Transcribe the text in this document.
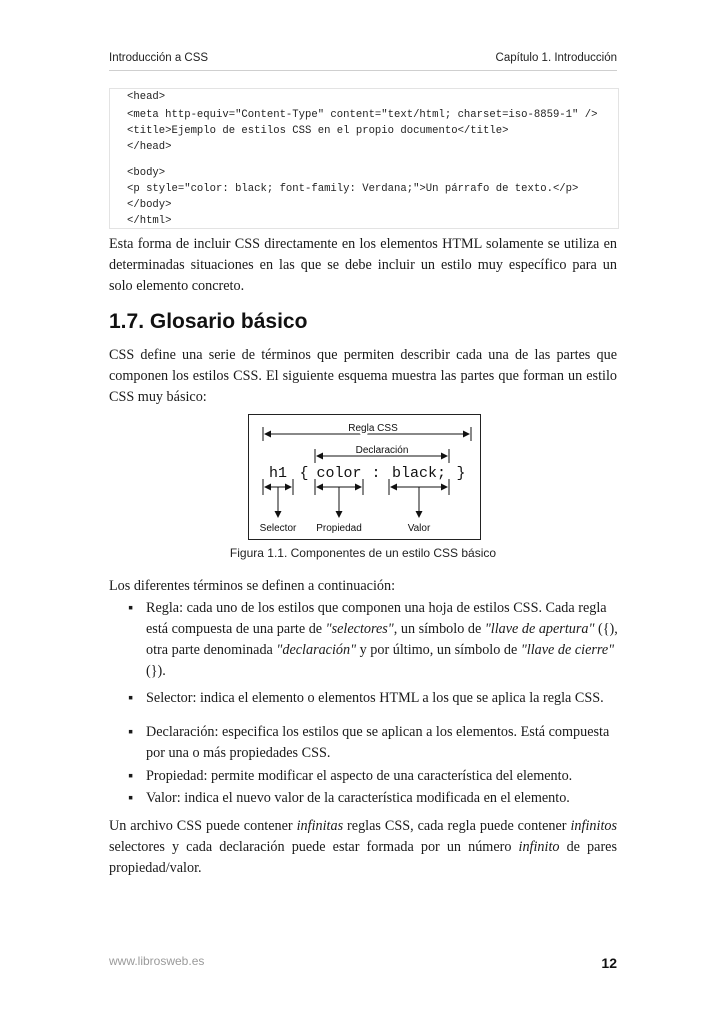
Introducción a CSS	Capítulo 1. Introducción
<head>
<meta http-equiv="Content-Type" content="text/html; charset=iso-8859-1" />
<title>Ejemplo de estilos CSS en el propio documento</title>
</head>
<body>
<p style="color: black; font-family: Verdana;">Un párrafo de texto.</p>
</body>
</html>
Esta forma de incluir CSS directamente en los elementos HTML solamente se utiliza en
determinadas situaciones en las que se debe incluir un estilo muy específico para un
solo elemento concreto.
1.7. Glosario básico
CSS define una serie de términos que permiten describir cada una de las partes que
componen los estilos CSS. El siguiente esquema muestra las partes que forman un estilo
CSS muy básico:
Regla CSS
Declaración
Selector Propiedad	Valor
h1 { color : black; }
Figura 1.1. Componentes de un estilo CSS básico
Los diferentes términos se definen a continuación:
▪ Regla: cada uno de los estilos que componen una hoja de estilos CSS. Cada regla
está compuesta de una parte de "selectores", un símbolo de "llave de apertura" ({),
otra parte denominada "declaración" y por último, un símbolo de "llave de cierre"
(}).
▪ Selector: indica el elemento o elementos HTML a los que se aplica la regla CSS.
▪ Declaración: especifica los estilos que se aplican a los elementos. Está compuesta
por una o más propiedades CSS.
▪ Propiedad: permite modificar el aspecto de una característica del elemento.
▪ Valor: indica el nuevo valor de la característica modificada en el elemento.
Un archivo CSS puede contener infinitas reglas CSS, cada regla puede contener infinitos
selectores y cada declaración puede estar formada por un número infinito de pares
propiedad/valor.
www.librosweb.es	12
